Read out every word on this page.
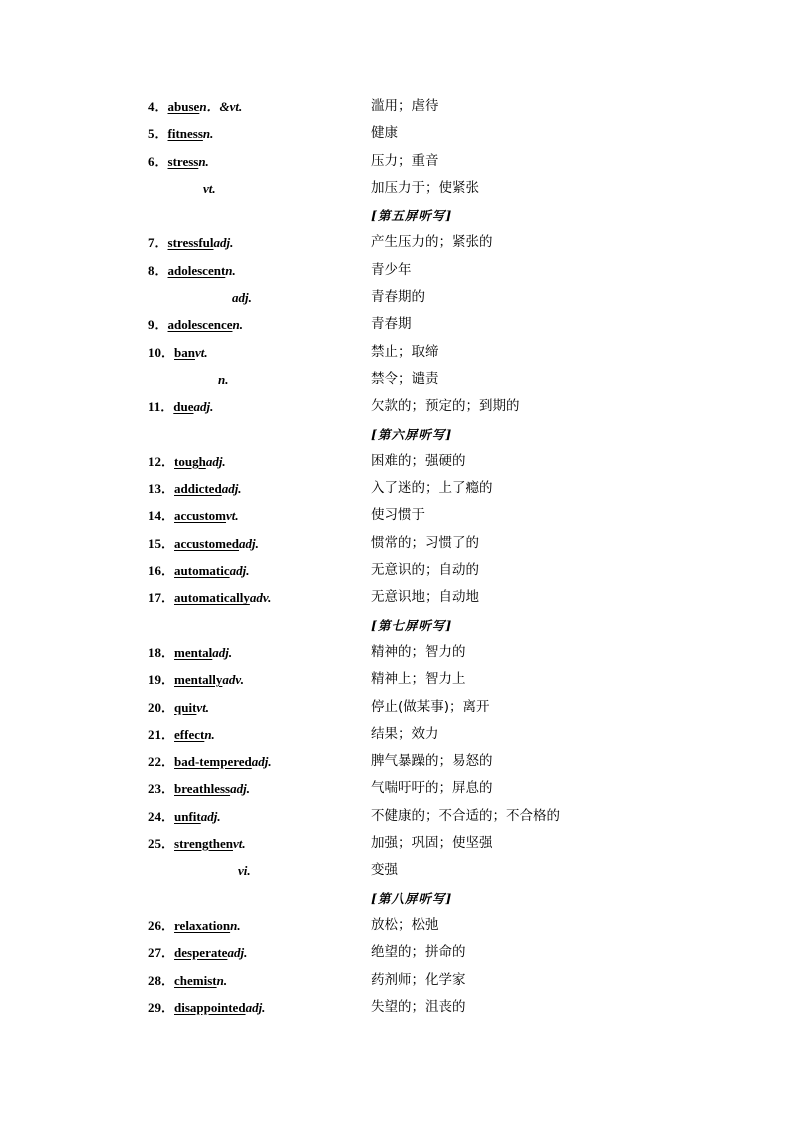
4．abusen．&vt.	滥用；虐待
5．fitnessn.	健康
6．stressn.	压力；重音
vt.	加压力于；使紧张
[第五屏听写]
7．stressfuladj.	产生压力的；紧张的
8．adolescentn.	青少年
adj.	青春期的
9．adolescencen.	青春期
10．banvt.	禁止；取缔
n.	禁令；谴责
11．dueadj.	欠款的；预定的；到期的
[第六屏听写]
12．toughadj.	困难的；强硬的
13．addictedadj.	入了迷的；上了瘾的
14．accustomvt.	使习惯于
15．accustomedadj.	惯常的；习惯了的
16．automaticadj.	无意识的；自动的
17．automaticallyadv.	无意识地；自动地
[第七屏听写]
18．mentaladj.	精神的；智力的
19．mentallyadv.	精神上；智力上
20．quitvt.	停止(做某事)；离开
21．effectn.	结果；效力
22．bad-temperedadj.	脾气暴躁的；易怒的
23．breathlessadj.	气喘吁吁的；屏息的
24．unfitadj.	不健康的；不合适的；不合格的
25．strengthenvt.	加强；巩固；使坚强
vi.	变强
[第八屏听写]
26．relaxationn.	放松；松弛
27．desperateadj.	绝望的；拼命的
28．chemistn.	药剂师；化学家
29．disappointedadj.	失望的；沮丧的
